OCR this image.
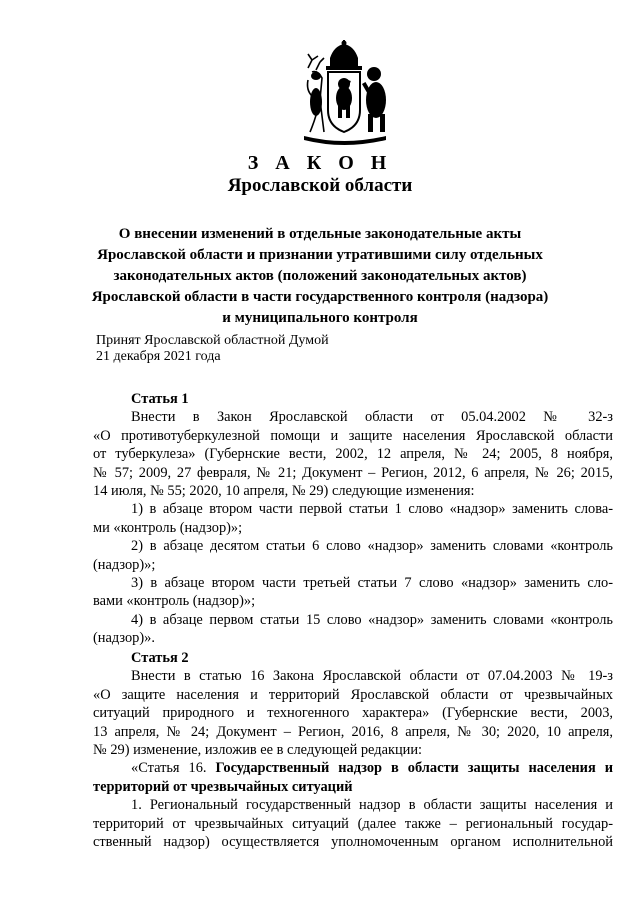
З А К О Н
Ярославской области
О внесении изменений в отдельные законодательные акты
Ярославской области и признании утратившими силу отдельных
законодательных актов (положений законодательных актов)
Ярославской области в части государственного контроля (надзора)
и муниципального контроля
Принят Ярославской областной Думой
21 декабря 2021 года
Статья 1
Внести в Закон Ярославской области от 05.04.2002 № 32-з
«О противотуберкулезной помощи и защите населения Ярославской области
от туберкулеза» (Губернские вести, 2002, 12 апреля, № 24; 2005, 8 ноября,
№ 57; 2009, 27 февраля, № 21; Документ – Регион, 2012, 6 апреля, № 26; 2015,
14 июля, № 55; 2020, 10 апреля, № 29) следующие изменения:
1) в абзаце втором части первой статьи 1 слово «надзор» заменить слова-
ми «контроль (надзор)»;
2) в абзаце десятом статьи 6 слово «надзор» заменить словами «контроль
(надзор)»;
3) в абзаце втором части третьей статьи 7 слово «надзор» заменить сло-
вами «контроль (надзор)»;
4) в абзаце первом статьи 15 слово «надзор» заменить словами «контроль
(надзор)».
Статья 2
Внести в статью 16 Закона Ярославской области от 07.04.2003 № 19-з
«О защите населения и территорий Ярославской области от чрезвычайных
ситуаций природного и техногенного характера» (Губернские вести, 2003,
13 апреля, № 24; Документ – Регион, 2016, 8 апреля, № 30; 2020, 10 апреля,
№ 29) изменение, изложив ее в следующей редакции:
«Статья 16. Государственный надзор в области защиты населения и
территорий от чрезвычайных ситуаций
1. Региональный государственный надзор в области защиты населения и
территорий от чрезвычайных ситуаций (далее также – региональный государ-
ственный надзор) осуществляется уполномоченным органом исполнительной
